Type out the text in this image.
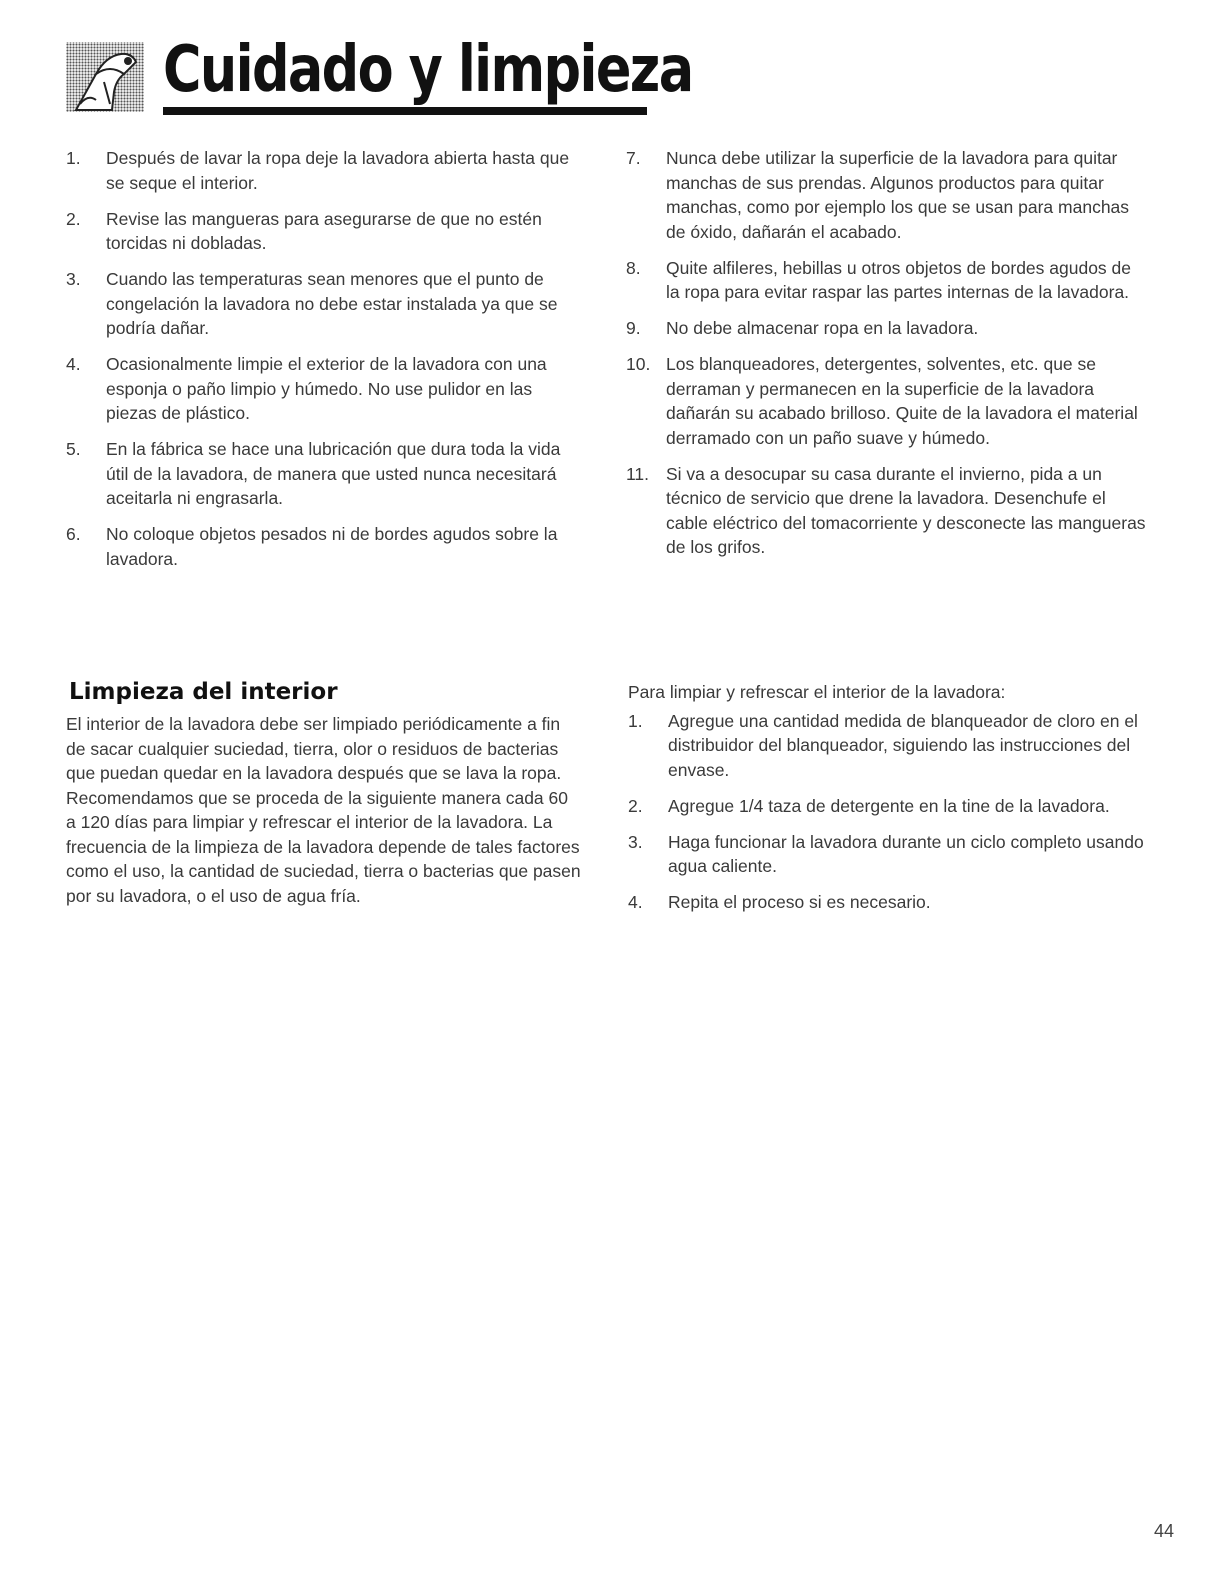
Cuidado y limpieza
1.	Después de lavar la ropa deje la lavadora abierta hasta que se seque el interior.
2.	Revise las mangueras para asegurarse de que no estén torcidas ni dobladas.
3.	Cuando las temperaturas sean menores que el punto de congelación la lavadora no debe estar instalada ya que se podría dañar.
4.	Ocasionalmente limpie el exterior de la lavadora con una esponja o paño limpio y húmedo. No use pulidor en las piezas de plástico.
5.	En la fábrica se hace una lubricación que dura toda la vida útil de la lavadora, de manera que usted nunca necesitará aceitarla ni engrasarla.
6.	No coloque objetos pesados ni de bordes agudos sobre la lavadora.
7.	Nunca debe utilizar la superficie de la lavadora para quitar manchas de sus prendas. Algunos productos para quitar manchas, como por ejemplo los que se usan para manchas de óxido, dañarán el acabado.
8.	Quite alfileres, hebillas u otros objetos de bordes agudos de la ropa para evitar raspar las partes internas de la lavadora.
9.	No debe almacenar ropa en la lavadora.
10. Los blanqueadores, detergentes, solventes, etc. que se derraman y permanecen en la superficie de la lavadora dañarán su acabado brilloso. Quite de la lavadora el material derramado con un paño suave y húmedo.
11. Si va a desocupar su casa durante el invierno, pida a un técnico de servicio que drene la lavadora. Desenchufe el cable eléctrico del tomacorriente y desconecte las mangueras de los grifos.
Limpieza del interior

El interior de la lavadora debe ser limpiado periódicamente a fin de sacar cualquier suciedad, tierra, olor o residuos de bacterias que puedan quedar en la lavadora después que se lava la ropa. Recomendamos que se proceda de la siguiente manera cada 60 a 120 días para limpiar y refrescar el interior de la lavadora. La frecuencia de la limpieza de la lavadora depende de tales factores como el uso, la cantidad de suciedad, tierra o bacterias que pasen por su lavadora, o el uso de agua fría.

Para limpiar y refrescar el interior de la lavadora:

1.	Agregue una cantidad medida de blanqueador de cloro en el distribuidor del blanqueador, siguiendo las instrucciones del envase.
2.	Agregue 1/4 taza de detergente en la tine de la lavadora.
3.	Haga funcionar la lavadora durante un ciclo completo usando agua caliente.
4.	Repita el proceso si es necesario.
44
